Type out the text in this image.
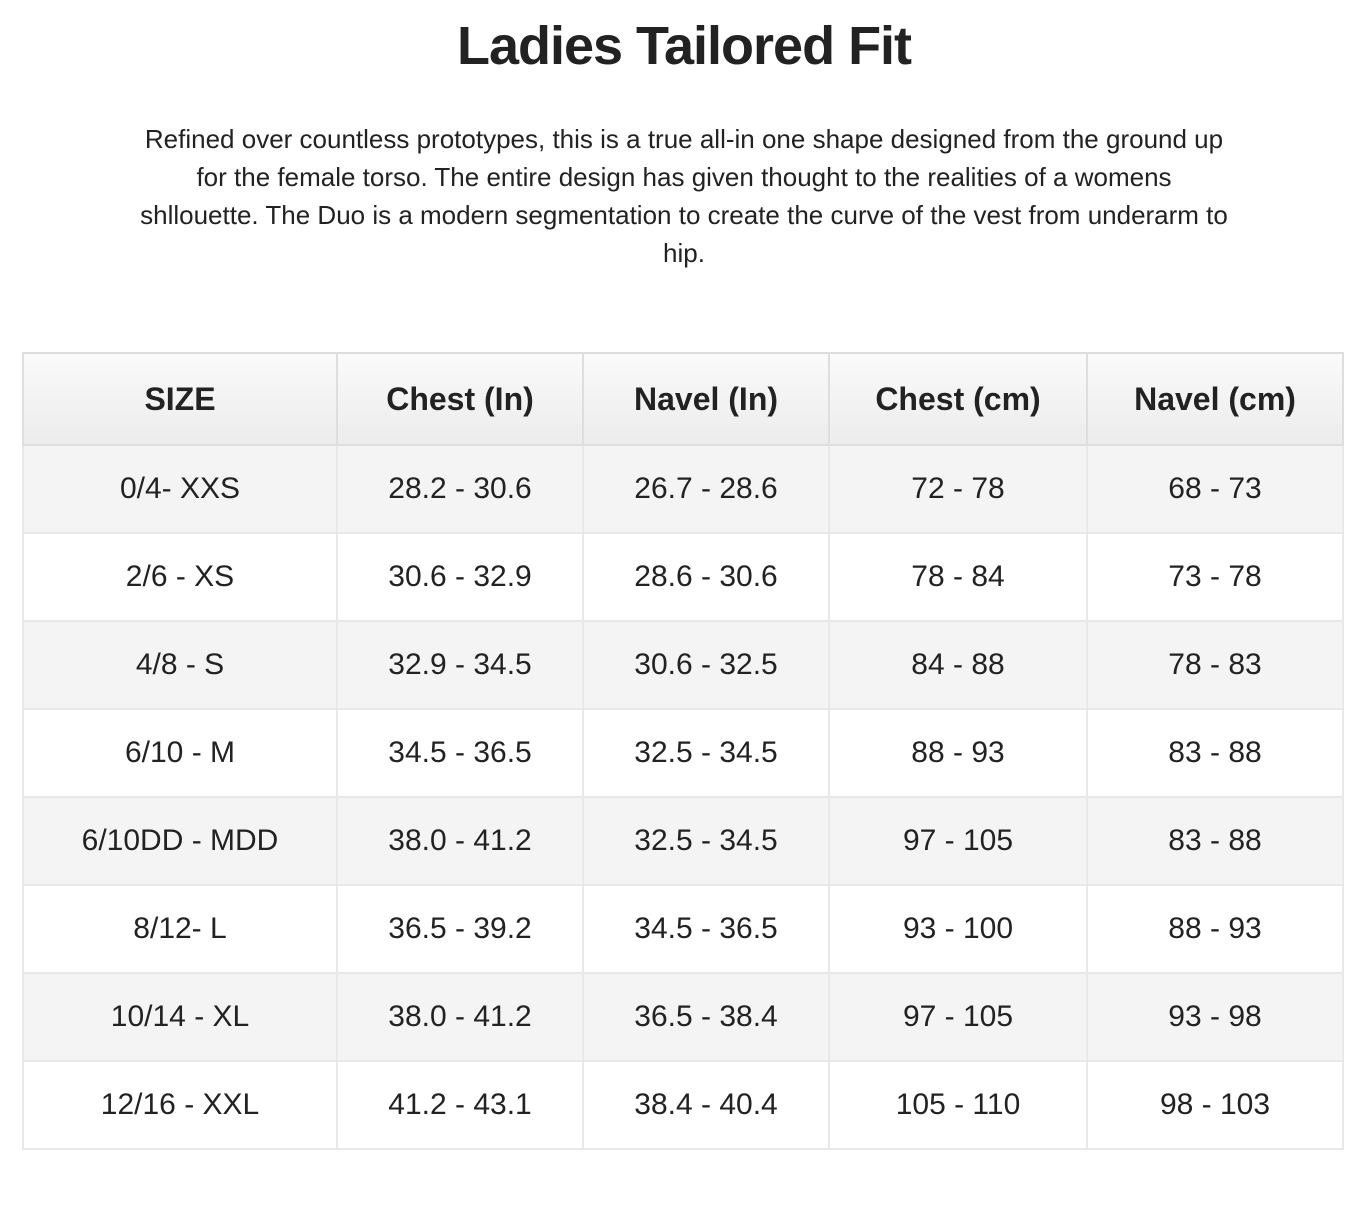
Ladies Tailored Fit

Refined over countless prototypes, this is a true all-in one shape designed from the ground up for the female torso. The entire design has given thought to the realities of a womens shllouette. The Duo is a modern segmentation to create the curve of the vest from underarm to hip.

SIZE	Chest (In)	Navel (In)	Chest (cm)	Navel (cm)
0/4- XXS	28.2 - 30.6	26.7 - 28.6	72 - 78	68 - 73
2/6 - XS	30.6 - 32.9	28.6 - 30.6	78 - 84	73 - 78
4/8 - S	32.9 - 34.5	30.6 - 32.5	84 - 88	78 - 83
6/10 - M	34.5 - 36.5	32.5 - 34.5	88 - 93	83 - 88
6/10DD - MDD	38.0 - 41.2	32.5 - 34.5	97 - 105	83 - 88
8/12- L	36.5 - 39.2	34.5 - 36.5	93 - 100	88 - 93
10/14 - XL	38.0 - 41.2	36.5 - 38.4	97 - 105	93 - 98
12/16 - XXL	41.2 - 43.1	38.4 - 40.4	105 - 110	98 - 103
